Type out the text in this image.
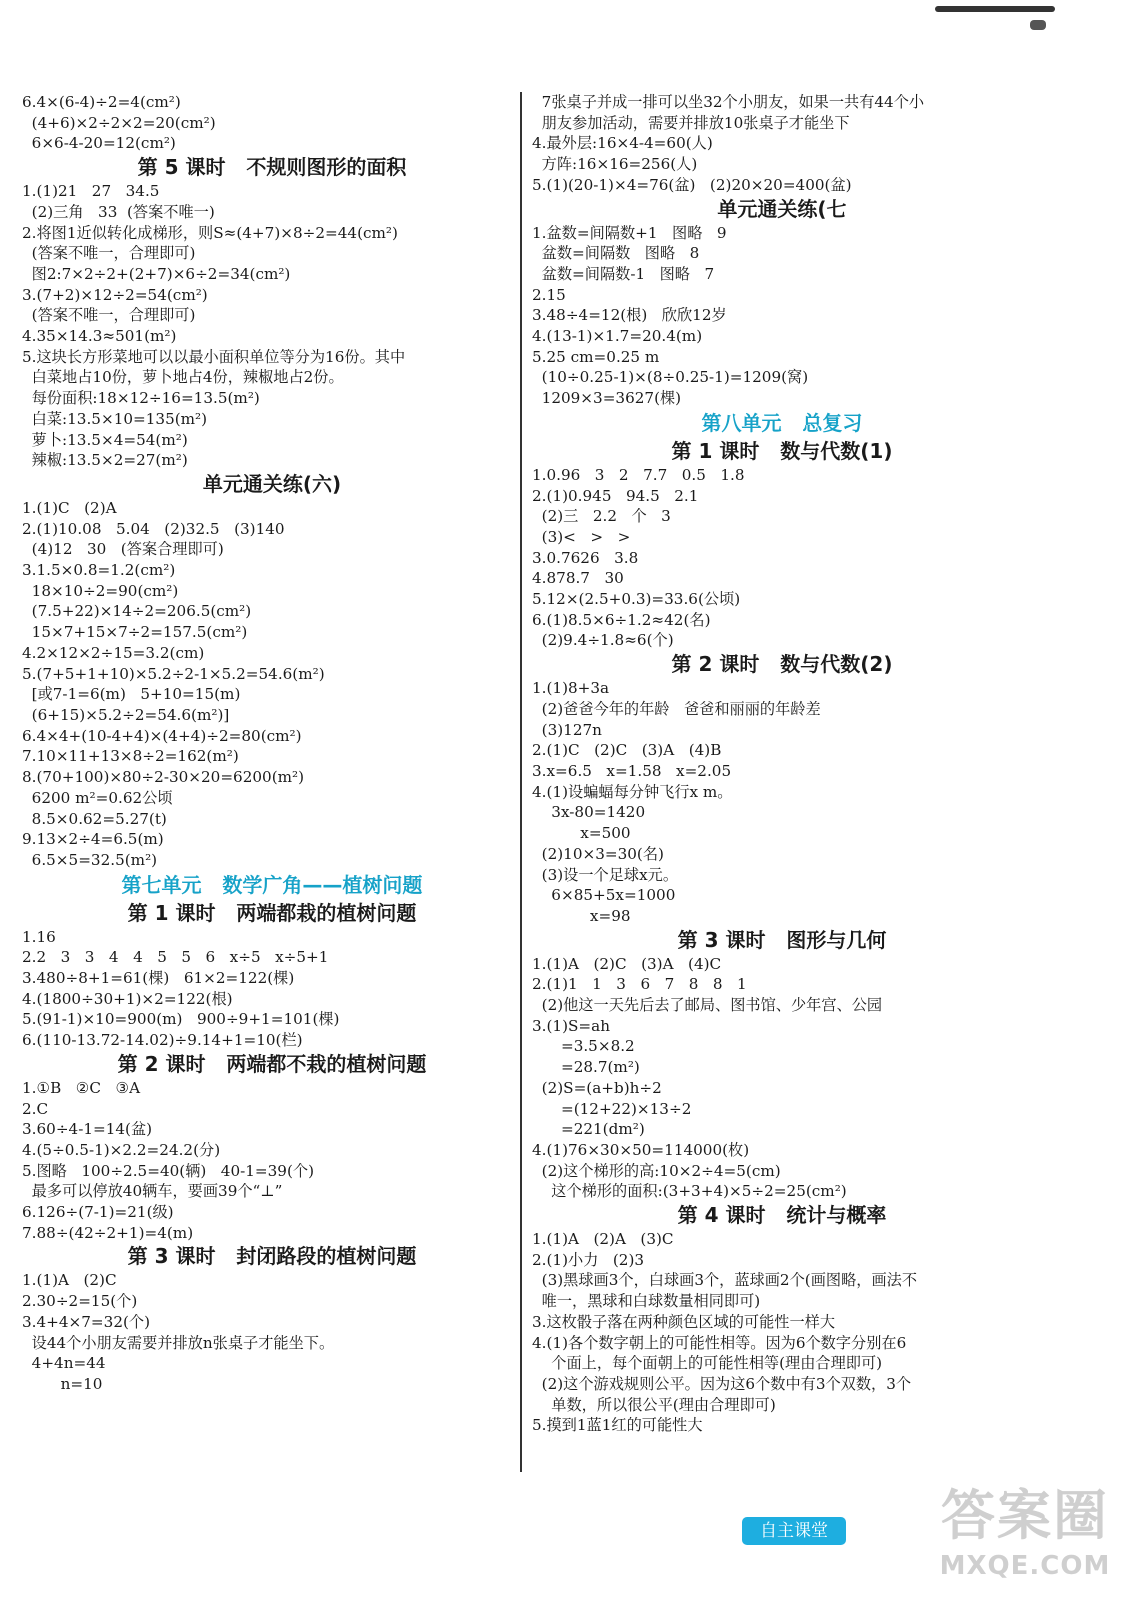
6.4×(6-4)÷2=4(cm²)
(4+6)×2÷2×2=20(cm²)
6×6-4-20=12(cm²)
第 5 课时   不规则图形的面积
1.(1)21   27   34.5
(2)三角   33  (答案不唯一)
2.将图1近似转化成梯形，则S≈(4+7)×8÷2=44(cm²)
(答案不唯一，合理即可)
图2:7×2÷2+(2+7)×6÷2=34(cm²)
3.(7+2)×12÷2=54(cm²)
(答案不唯一，合理即可)
4.35×14.3≈501(m²)
5.这块长方形菜地可以以最小面积单位等分为16份。其中
白菜地占10份，萝卜地占4份，辣椒地占2份。
每份面积:18×12÷16=13.5(m²)
白菜:13.5×10=135(m²)
萝卜:13.5×4=54(m²)
辣椒:13.5×2=27(m²)
单元通关练(六)
1.(1)C   (2)A
2.(1)10.08   5.04   (2)32.5   (3)140
(4)12   30   (答案合理即可)
3.1.5×0.8=1.2(cm²)
18×10÷2=90(cm²)
(7.5+22)×14÷2=206.5(cm²)
15×7+15×7÷2=157.5(cm²)
4.2×12×2÷15=3.2(cm)
5.(7+5+1+10)×5.2÷2-1×5.2=54.6(m²)
[或7-1=6(m)   5+10=15(m)
(6+15)×5.2÷2=54.6(m²)]
6.4×4+(10-4+4)×(4+4)÷2=80(cm²)
7.10×11+13×8÷2=162(m²)
8.(70+100)×80÷2-30×20=6200(m²)
6200 m²=0.62公顷
8.5×0.62=5.27(t)
9.13×2÷4=6.5(m)
6.5×5=32.5(m²)
第七单元   数学广角——植树问题
第 1 课时   两端都栽的植树问题
1.16
2.2   3   3   4   4   5   5   6   x÷5   x÷5+1
3.480÷8+1=61(棵)   61×2=122(棵)
4.(1800÷30+1)×2=122(根)
5.(91-1)×10=900(m)   900÷9+1=101(棵)
6.(110-13.72-14.02)÷9.14+1=10(栏)
第 2 课时   两端都不栽的植树问题
1.①B   ②C   ③A
2.C
3.60÷4-1=14(盆)
4.(5÷0.5-1)×2.2=24.2(分)
5.图略   100÷2.5=40(辆)   40-1=39(个)
最多可以停放40辆车，要画39个“⊥”
6.126÷(7-1)=21(级)
7.88÷(42÷2+1)=4(m)
第 3 课时   封闭路段的植树问题
1.(1)A   (2)C
2.30÷2=15(个)
3.4+4×7=32(个)
设44个小朋友需要并排放n张桌子才能坐下。
4+4n=44
n=10
7张桌子并成一排可以坐32个小朋友，如果一共有44个小
朋友参加活动，需要并排放10张桌子才能坐下
4.最外层:16×4-4=60(人)
方阵:16×16=256(人)
5.(1)(20-1)×4=76(盆)   (2)20×20=400(盆)
单元通关练(七
1.盆数=间隔数+1   图略   9
盆数=间隔数   图略   8
盆数=间隔数-1   图略   7
2.15
3.48÷4=12(根)   欣欣12岁
4.(13-1)×1.7=20.4(m)
5.25 cm=0.25 m
(10÷0.25-1)×(8÷0.25-1)=1209(窝)
1209×3=3627(棵)
第八单元   总复习
第 1 课时   数与代数(1)
1.0.96   3   2   7.7   0.5   1.8
2.(1)0.945   94.5   2.1
(2)三   2.2   个   3
(3)<   >   >
3.0.7626   3.8
4.878.7   30
5.12×(2.5+0.3)=33.6(公顷)
6.(1)8.5×6÷1.2≈42(名)
(2)9.4÷1.8≈6(个)
第 2 课时   数与代数(2)
1.(1)8+3a
(2)爸爸今年的年龄   爸爸和丽丽的年龄差
(3)127n
2.(1)C   (2)C   (3)A   (4)B
3.x=6.5   x=1.58   x=2.05
4.(1)设蝙蝠每分钟飞行x m。
3x-80=1420
x=500
(2)10×3=30(名)
(3)设一个足球x元。
6×85+5x=1000
x=98
第 3 课时   图形与几何
1.(1)A   (2)C   (3)A   (4)C
2.(1)1   1   3   6   7   8   8   1
(2)他这一天先后去了邮局、图书馆、少年宫、公园
3.(1)S=ah
=3.5×8.2
=28.7(m²)
(2)S=(a+b)h÷2
=(12+22)×13÷2
=221(dm²)
4.(1)76×30×50=114000(枚)
(2)这个梯形的高:10×2÷4=5(cm)
这个梯形的面积:(3+3+4)×5÷2=25(cm²)
第 4 课时   统计与概率
1.(1)A   (2)A   (3)C
2.(1)小力   (2)3
(3)黑球画3个，白球画3个，蓝球画2个(画图略，画法不
唯一，黑球和白球数量相同即可)
3.这枚骰子落在两种颜色区域的可能性一样大
4.(1)各个数字朝上的可能性相等。因为6个数字分别在6
个面上，每个面朝上的可能性相等(理由合理即可)
(2)这个游戏规则公平。因为这6个数中有3个双数，3个
单数，所以很公平(理由合理即可)
5.摸到1蓝1红的可能性大
自主课堂	答案圈
MXQE.COM
